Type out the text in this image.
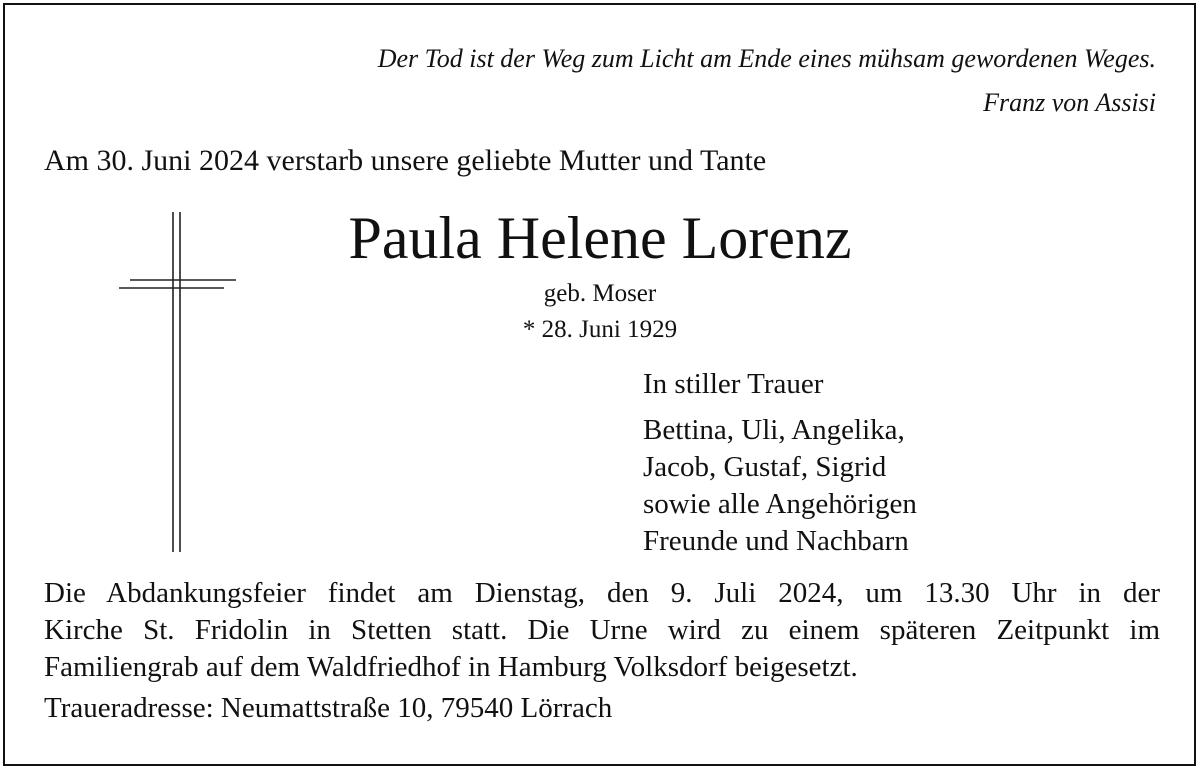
Der Tod ist der Weg zum Licht am Ende eines mühsam gewordenen Weges.
Franz von Assisi
Am 30. Juni 2024 verstarb unsere geliebte Mutter und Tante
Paula Helene Lorenz
geb. Moser
* 28. Juni 1929
In stiller Trauer
Bettina, Uli, Angelika,
Jacob, Gustaf, Sigrid
sowie alle Angehörigen
Freunde und Nachbarn
Die Abdankungsfeier findet am Dienstag, den 9. Juli 2024, um 13.30 Uhr in der
Kirche St. Fridolin in Stetten statt. Die Urne wird zu einem späteren Zeitpunkt im
Familiengrab auf dem Waldfriedhof in Hamburg Volksdorf beigesetzt.
Traueradresse: Neumattstraße 10, 79540 Lörrach
